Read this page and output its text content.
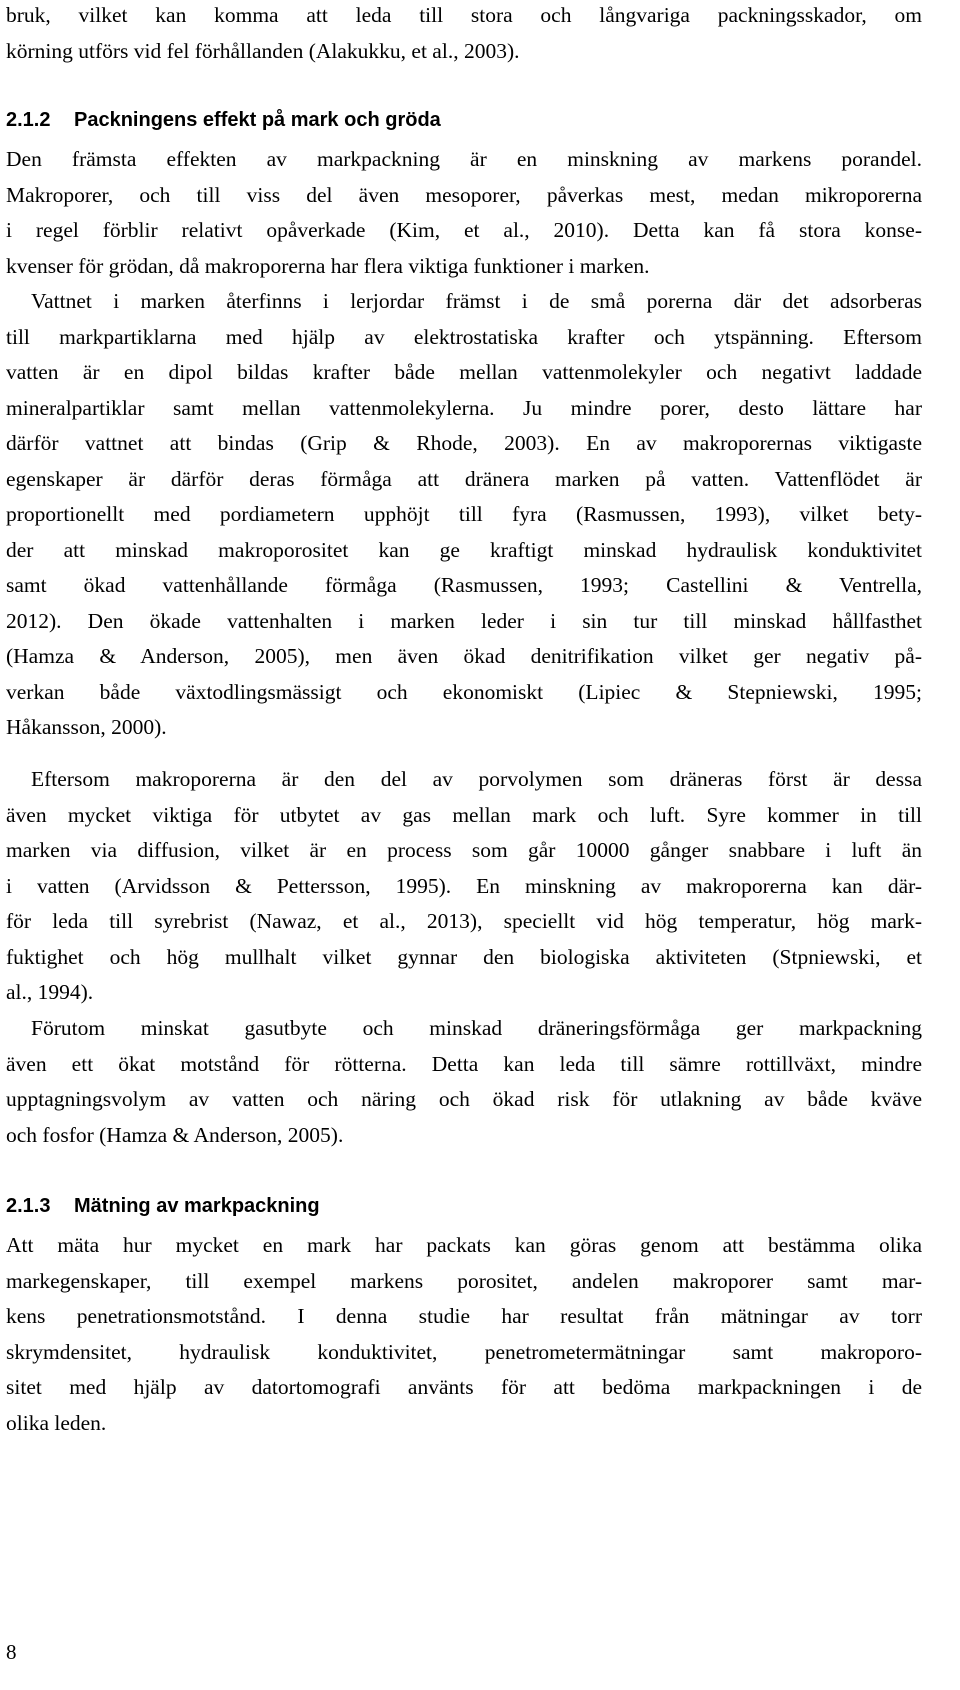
bruk, vilket kan komma att leda till stora och långvariga packningsskador, om
körning utförs vid fel förhållanden (Alakukku, et al., 2003).
2.1.2 Packningens effekt på mark och gröda
Den främsta effekten av markpackning är en minskning av markens porandel.
Makroporer, och till viss del även mesoporer, påverkas mest, medan mikroporerna
i regel förblir relativt opåverkade (Kim, et al., 2010). Detta kan få stora konse-
kvenser för grödan, då makroporerna har flera viktiga funktioner i marken.
Vattnet i marken återfinns i lerjordar främst i de små porerna där det adsorberas
till markpartiklarna med hjälp av elektrostatiska krafter och ytspänning. Eftersom
vatten är en dipol bildas krafter både mellan vattenmolekyler och negativt laddade
mineralpartiklar samt mellan vattenmolekylerna. Ju mindre porer, desto lättare har
därför vattnet att bindas (Grip & Rhode, 2003). En av makroporernas viktigaste
egenskaper är därför deras förmåga att dränera marken på vatten. Vattenflödet är
proportionellt med pordiametern upphöjt till fyra (Rasmussen, 1993), vilket bety-
der att minskad makroporositet kan ge kraftigt minskad hydraulisk konduktivitet
samt ökad vattenhållande förmåga (Rasmussen, 1993; Castellini & Ventrella,
2012). Den ökade vattenhalten i marken leder i sin tur till minskad hållfasthet
(Hamza & Anderson, 2005), men även ökad denitrifikation vilket ger negativ på-
verkan både växtodlingsmässigt och ekonomiskt (Lipiec & Stepniewski, 1995;
Håkansson, 2000).
Eftersom makroporerna är den del av porvolymen som dräneras först är dessa
även mycket viktiga för utbytet av gas mellan mark och luft. Syre kommer in till
marken via diffusion, vilket är en process som går 10000 gånger snabbare i luft än
i vatten (Arvidsson & Pettersson, 1995). En minskning av makroporerna kan där-
för leda till syrebrist (Nawaz, et al., 2013), speciellt vid hög temperatur, hög mark-
fuktighet och hög mullhalt vilket gynnar den biologiska aktiviteten (Stpniewski, et
al., 1994).
Förutom minskat gasutbyte och minskad dräneringsförmåga ger markpackning
även ett ökat motstånd för rötterna. Detta kan leda till sämre rottillväxt, mindre
upptagningsvolym av vatten och näring och ökad risk för utlakning av både kväve
och fosfor (Hamza & Anderson, 2005).
2.1.3 Mätning av markpackning
Att mäta hur mycket en mark har packats kan göras genom att bestämma olika
markegenskaper, till exempel markens porositet, andelen makroporer samt mar-
kens penetrationsmotstånd. I denna studie har resultat från mätningar av torr
skrymdensitet, hydraulisk konduktivitet, penetrometermätningar samt makroporo-
sitet med hjälp av datortomografi använts för att bedöma markpackningen i de
olika leden.
8
